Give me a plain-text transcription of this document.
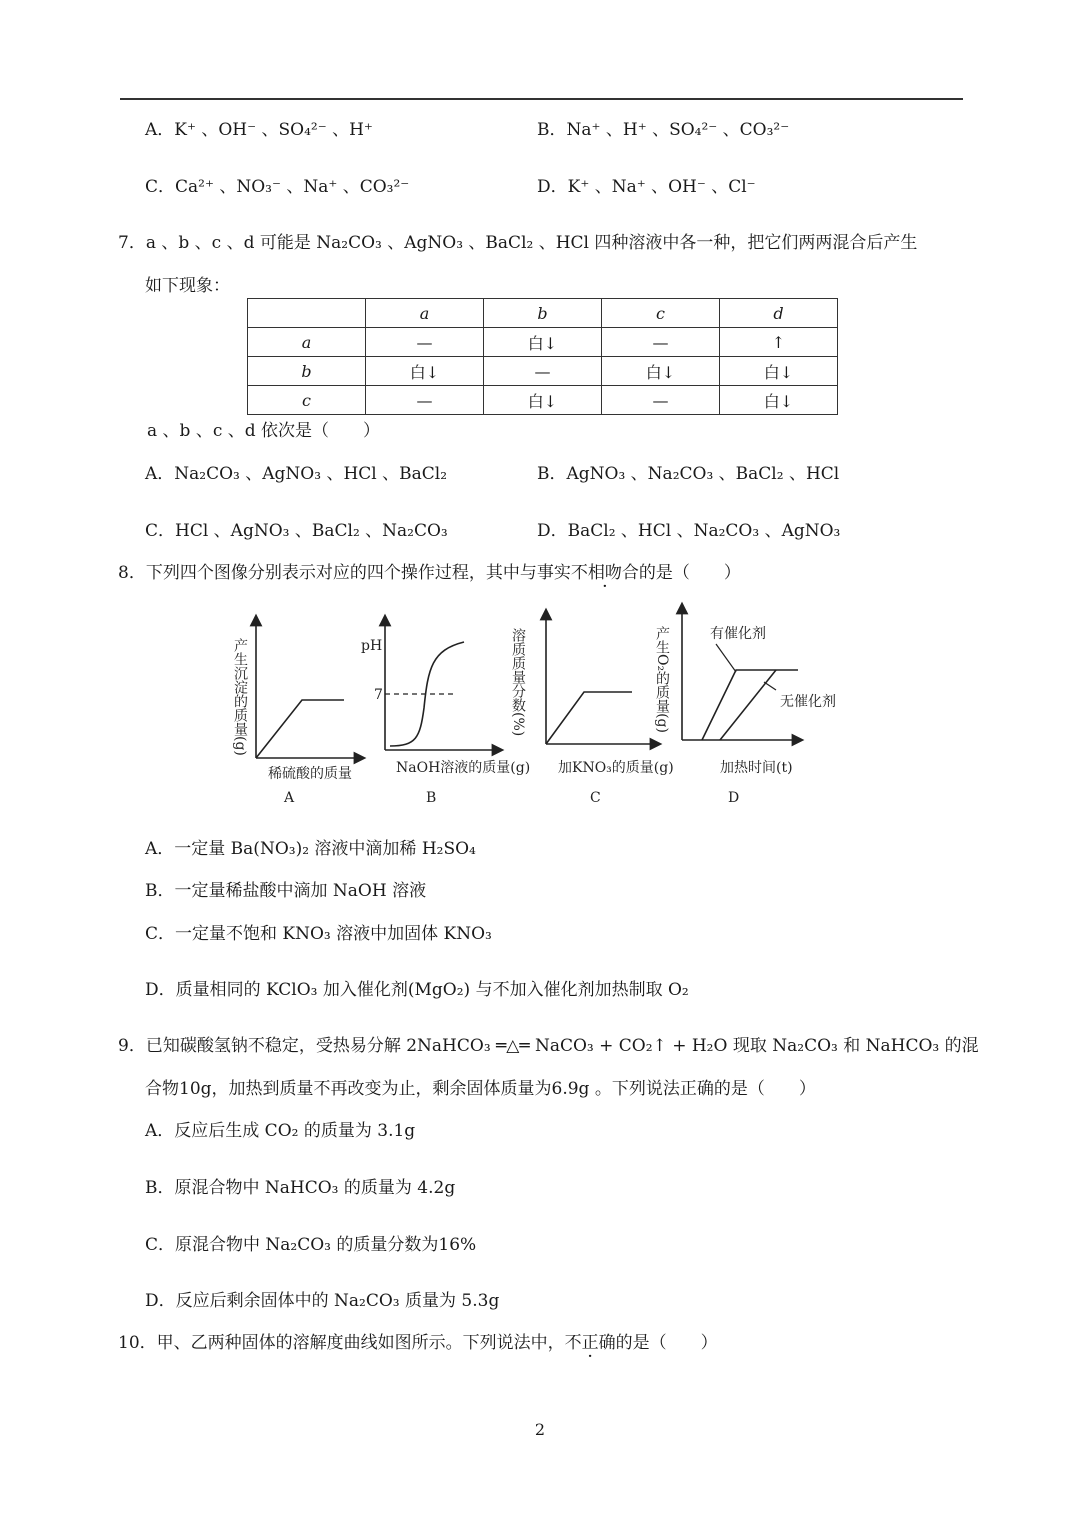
A．K⁺ 、OH⁻ 、SO₄²⁻ 、H⁺	B．Na⁺ 、H⁺ 、SO₄²⁻ 、CO₃²⁻
C．Ca²⁺ 、NO₃⁻ 、Na⁺ 、CO₃²⁻	D．K⁺ 、Na⁺ 、OH⁻ 、Cl⁻
7．a 、b 、c 、d 可能是 Na₂CO₃ 、AgNO₃ 、BaCl₂ 、HCl 四种溶液中各一种，把它们两两混合后产生
如下现象：
	a	b	c	d
a	—	白↓	—	↑
b	白↓	—	白↓	白↓
c	—	白↓	—	白↓
a 、b 、c 、d 依次是（　　）
A．Na₂CO₃ 、AgNO₃ 、HCl 、BaCl₂	B．AgNO₃ 、Na₂CO₃ 、BaCl₂ 、HCl
C．HCl 、AgNO₃ 、BaCl₂ 、Na₂CO₃	D．BaCl₂ 、HCl 、Na₂CO₃ 、AgNO₃
8．下列四个图像分别表示对应的四个操作过程，其中与事实不相吻合的是（　　）
产生沉淀的质量(g)
稀硫酸的质量
A
pH
7
NaOH溶液的质量(g)
B
溶质质量分数(%)
加KNO₃的质量(g)
C
产生O₂的质量(g)	有催化剂
无催化剂
加热时间(t)
D
A．一定量 Ba(NO₃)₂ 溶液中滴加稀 H₂SO₄
B．一定量稀盐酸中滴加 NaOH 溶液
C．一定量不饱和 KNO₃ 溶液中加固体 KNO₃
D．质量相同的 KClO₃ 加入催化剂(MgO₂) 与不加入催化剂加热制取 O₂
9．已知碳酸氢钠不稳定，受热易分解 2NaHCO₃ ═△═ NaCO₃ + CO₂↑ + H₂O 现取 Na₂CO₃ 和 NaHCO₃ 的混
合物10g，加热到质量不再改变为止，剩余固体质量为6.9g 。下列说法正确的是（　　）
A．反应后生成 CO₂ 的质量为 3.1g
B．原混合物中 NaHCO₃ 的质量为 4.2g
C．原混合物中 Na₂CO₃ 的质量分数为16%
D．反应后剩余固体中的 Na₂CO₃ 质量为 5.3g
10．甲、乙两种固体的溶解度曲线如图所示。下列说法中，不正确的是（　　）
2
